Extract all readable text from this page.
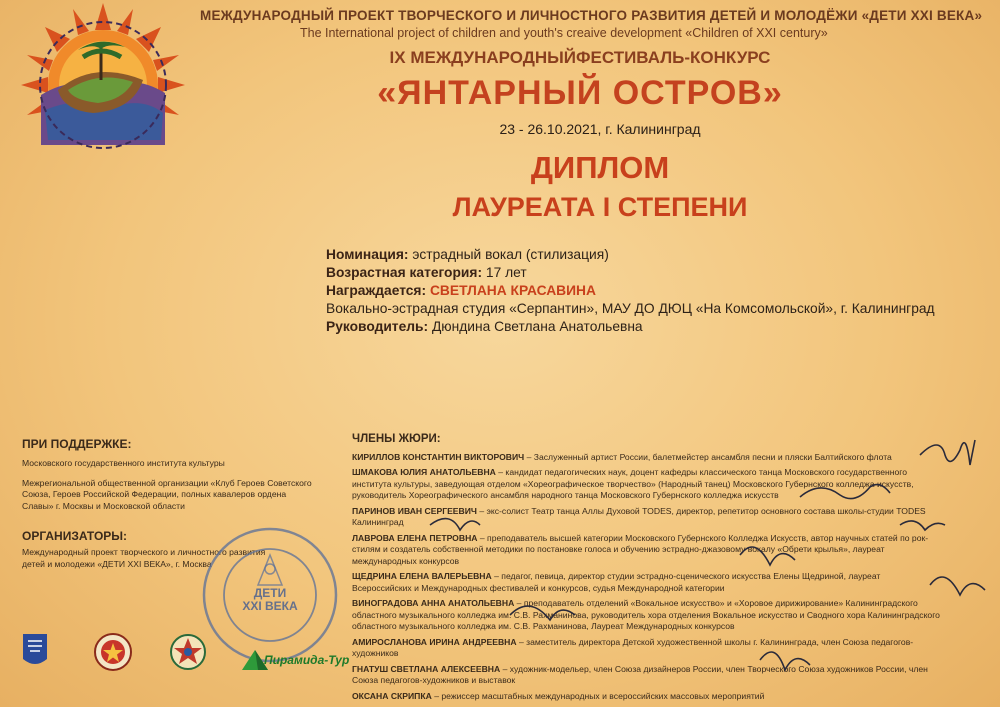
МЕЖДУНАРОДНЫЙ ПРОЕКТ ТВОРЧЕСКОГО И ЛИЧНОСТНОГО РАЗВИТИЯ ДЕТЕЙ И МОЛОДЁЖИ «ДЕТИ XXI ВЕКА»
The International project of children and youth's creaive development «Children of XXI century»
IX МЕЖДУНАРОДНЫЙФЕСТИВАЛЬ-КОНКУРС
«ЯНТАРНЫЙ ОСТРОВ»
23 - 26.10.2021, г. Калининград
ДИПЛОМ
ЛАУРЕАТА I СТЕПЕНИ
Номинация: эстрадный вокал (стилизация)
Возрастная категория: 17 лет
Награждается: СВЕТЛАНА КРАСАВИНА
Вокально-эстрадная студия «Серпантин», МАУ ДО ДЮЦ «На Комсомольской», г. Калининград
Руководитель: Дюндина Светлана Анатольевна
ПРИ ПОДДЕРЖКЕ:
Московского государственного института культуры
Межрегиональной общественной организации «Клуб Героев Советского Союза, Героев Российской Федерации, полных кавалеров ордена Славы» г. Москвы и Московской области
ОРГАНИЗАТОРЫ:
Международный проект творческого и личностного развития детей и молодежи «ДЕТИ XXI ВЕКА», г. Москва
ДЕТИ
XXI ВЕКА
Пирамида-Тур
ЧЛЕНЫ ЖЮРИ:
КИРИЛЛОВ КОНСТАНТИН ВИКТОРОВИЧ – Заслуженный артист России, балетмейстер ансамбля песни и пляски Балтийского флота
ШМАКОВА ЮЛИЯ АНАТОЛЬЕВНА – кандидат педагогических наук, доцент кафедры классического танца Московского государственного института культуры, заведующая отделом «Хореографическое творчество» (Народный танец) Московского Губернского колледжа искусств, руководитель Хореографического ансамбля народного танца Московского Губернского колледжа искусств
ПАРИНОВ ИВАН СЕРГЕЕВИЧ – экс-солист Театр танца Аллы Духовой TODES, директор, репетитор основного состава школы-студии TODES Калининград
ЛАВРОВА ЕЛЕНА ПЕТРОВНА – преподаватель высшей категории Московского Губернского Колледжа Искусств, автор научных статей по рок-стилям и создатель собственной методики по постановке голоса и обучению эстрадно-джазовому вокалу «Обрети крылья», лауреат международных конкурсов
ЩЕДРИНА ЕЛЕНА ВАЛЕРЬЕВНА – педагог, певица, директор студии эстрадно-сценического искусства Елены Щедриной, лауреат Всероссийских и Международных фестивалей и конкурсов, судья Международной категории
ВИНОГРАДОВА АННА АНАТОЛЬЕВНА – преподаватель отделений «Вокальное искусство» и «Хоровое дирижирование» Калининградского областного музыкального колледжа им. С.В. Рахманинова, руководитель хора отделения Вокальное искусство и Сводного хора Калининградского областного музыкального колледжа им. С.В. Рахманинова, Лауреат Международных конкурсов
АМИРОСЛАНОВА ИРИНА АНДРЕЕВНА – заместитель директора Детской художественной школы г. Калининграда, член Союза педагогов-художников
ГНАТУШ СВЕТЛАНА АЛЕКСЕЕВНА – художник-модельер, член Союза дизайнеров России, член Творческого Союза художников России, член Союза педагогов-художников и выставок
ОКСАНА СКРИПКА – режиссер масштабных международных и всероссийских массовых мероприятий
